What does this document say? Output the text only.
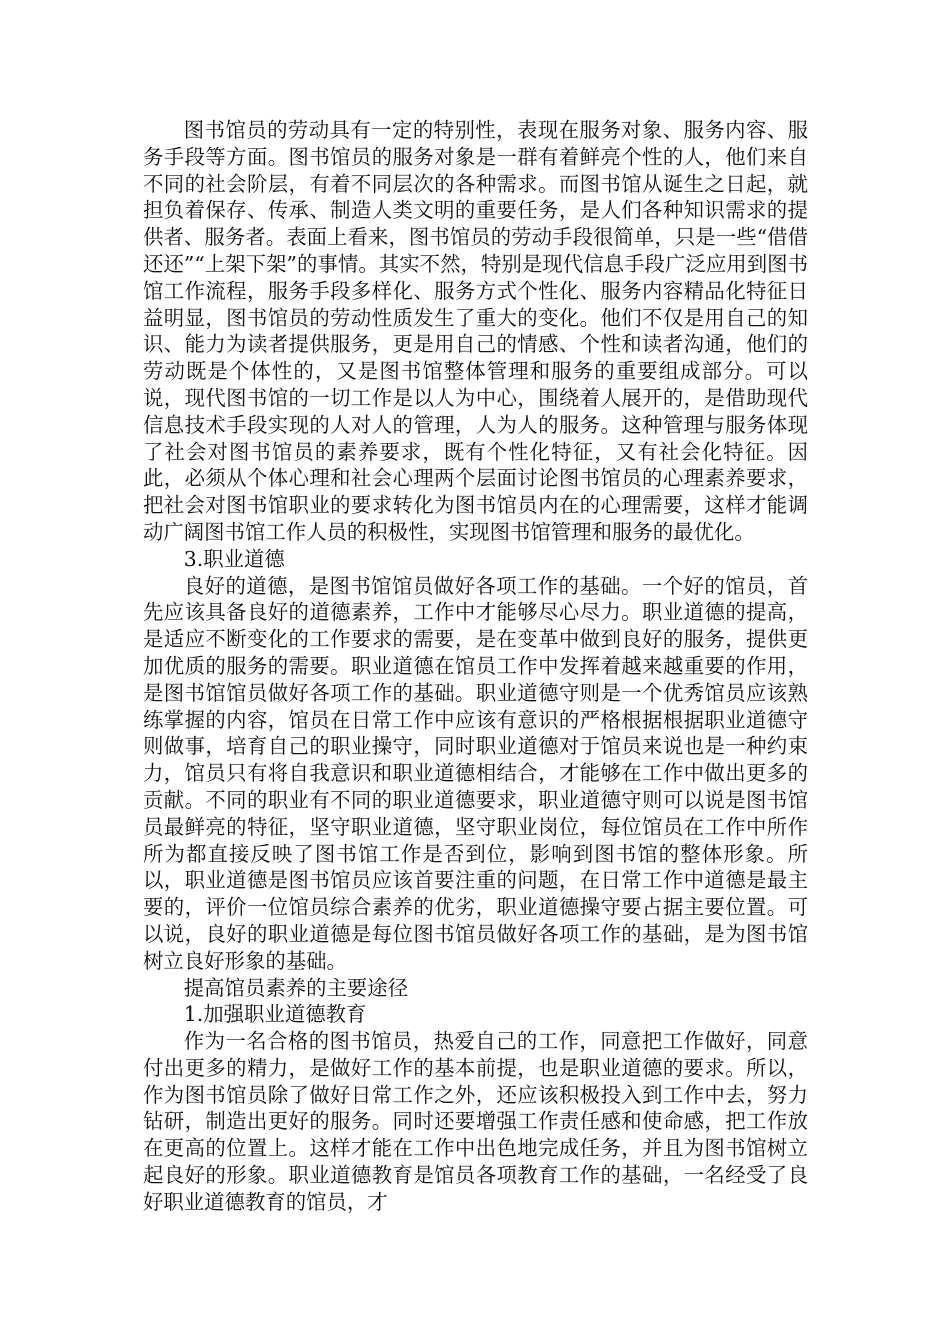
图书馆员的劳动具有一定的特别性，表现在服务对象、服务内容、服务手段等方面。图书馆员的服务对象是一群有着鲜亮个性的人，他们来自不同的社会阶层，有着不同层次的各种需求。而图书馆从诞生之日起，就担负着保存、传承、制造人类文明的重要任务，是人们各种知识需求的提供者、服务者。表面上看来，图书馆员的劳动手段很简单，只是一些“借借还还”“上架下架”的事情。其实不然，特别是现代信息手段广泛应用到图书馆工作流程，服务手段多样化、服务方式个性化、服务内容精品化特征日益明显，图书馆员的劳动性质发生了重大的变化。他们不仅是用自己的知识、能力为读者提供服务，更是用自己的情感、个性和读者沟通，他们的劳动既是个体性的，又是图书馆整体管理和服务的重要组成部分。可以说，现代图书馆的一切工作是以人为中心，围绕着人展开的，是借助现代信息技术手段实现的人对人的管理，人为人的服务。这种管理与服务体现了社会对图书馆员的素养要求，既有个性化特征，又有社会化特征。因此，必须从个体心理和社会心理两个层面讨论图书馆员的心理素养要求，把社会对图书馆职业的要求转化为图书馆员内在的心理需要，这样才能调动广阔图书馆工作人员的积极性，实现图书馆管理和服务的最优化。

3.职业道德

良好的道德，是图书馆馆员做好各项工作的基础。一个好的馆员，首先应该具备良好的道德素养，工作中才能够尽心尽力。职业道德的提高，是适应不断变化的工作要求的需要，是在变革中做到良好的服务，提供更加优质的服务的需要。职业道德在馆员工作中发挥着越来越重要的作用，是图书馆馆员做好各项工作的基础。职业道德守则是一个优秀馆员应该熟练掌握的内容，馆员在日常工作中应该有意识的严格根据根据职业道德守则做事，培育自己的职业操守，同时职业道德对于馆员来说也是一种约束力，馆员只有将自我意识和职业道德相结合，才能够在工作中做出更多的贡献。不同的职业有不同的职业道德要求，职业道德守则可以说是图书馆员最鲜亮的特征，坚守职业道德，坚守职业岗位，每位馆员在工作中所作所为都直接反映了图书馆工作是否到位，影响到图书馆的整体形象。所以，职业道德是图书馆员应该首要注重的问题，在日常工作中道德是最主要的，评价一位馆员综合素养的优劣，职业道德操守要占据主要位置。可以说，良好的职业道德是每位图书馆员做好各项工作的基础，是为图书馆树立良好形象的基础。

提高馆员素养的主要途径

1.加强职业道德教育

作为一名合格的图书馆员，热爱自己的工作，同意把工作做好，同意付出更多的精力，是做好工作的基本前提，也是职业道德的要求。所以，作为图书馆员除了做好日常工作之外，还应该积极投入到工作中去，努力钻研，制造出更好的服务。同时还要增强工作责任感和使命感，把工作放在更高的位置上。这样才能在工作中出色地完成任务，并且为图书馆树立起良好的形象。职业道德教育是馆员各项教育工作的基础，一名经受了良好职业道德教育的馆员，才
